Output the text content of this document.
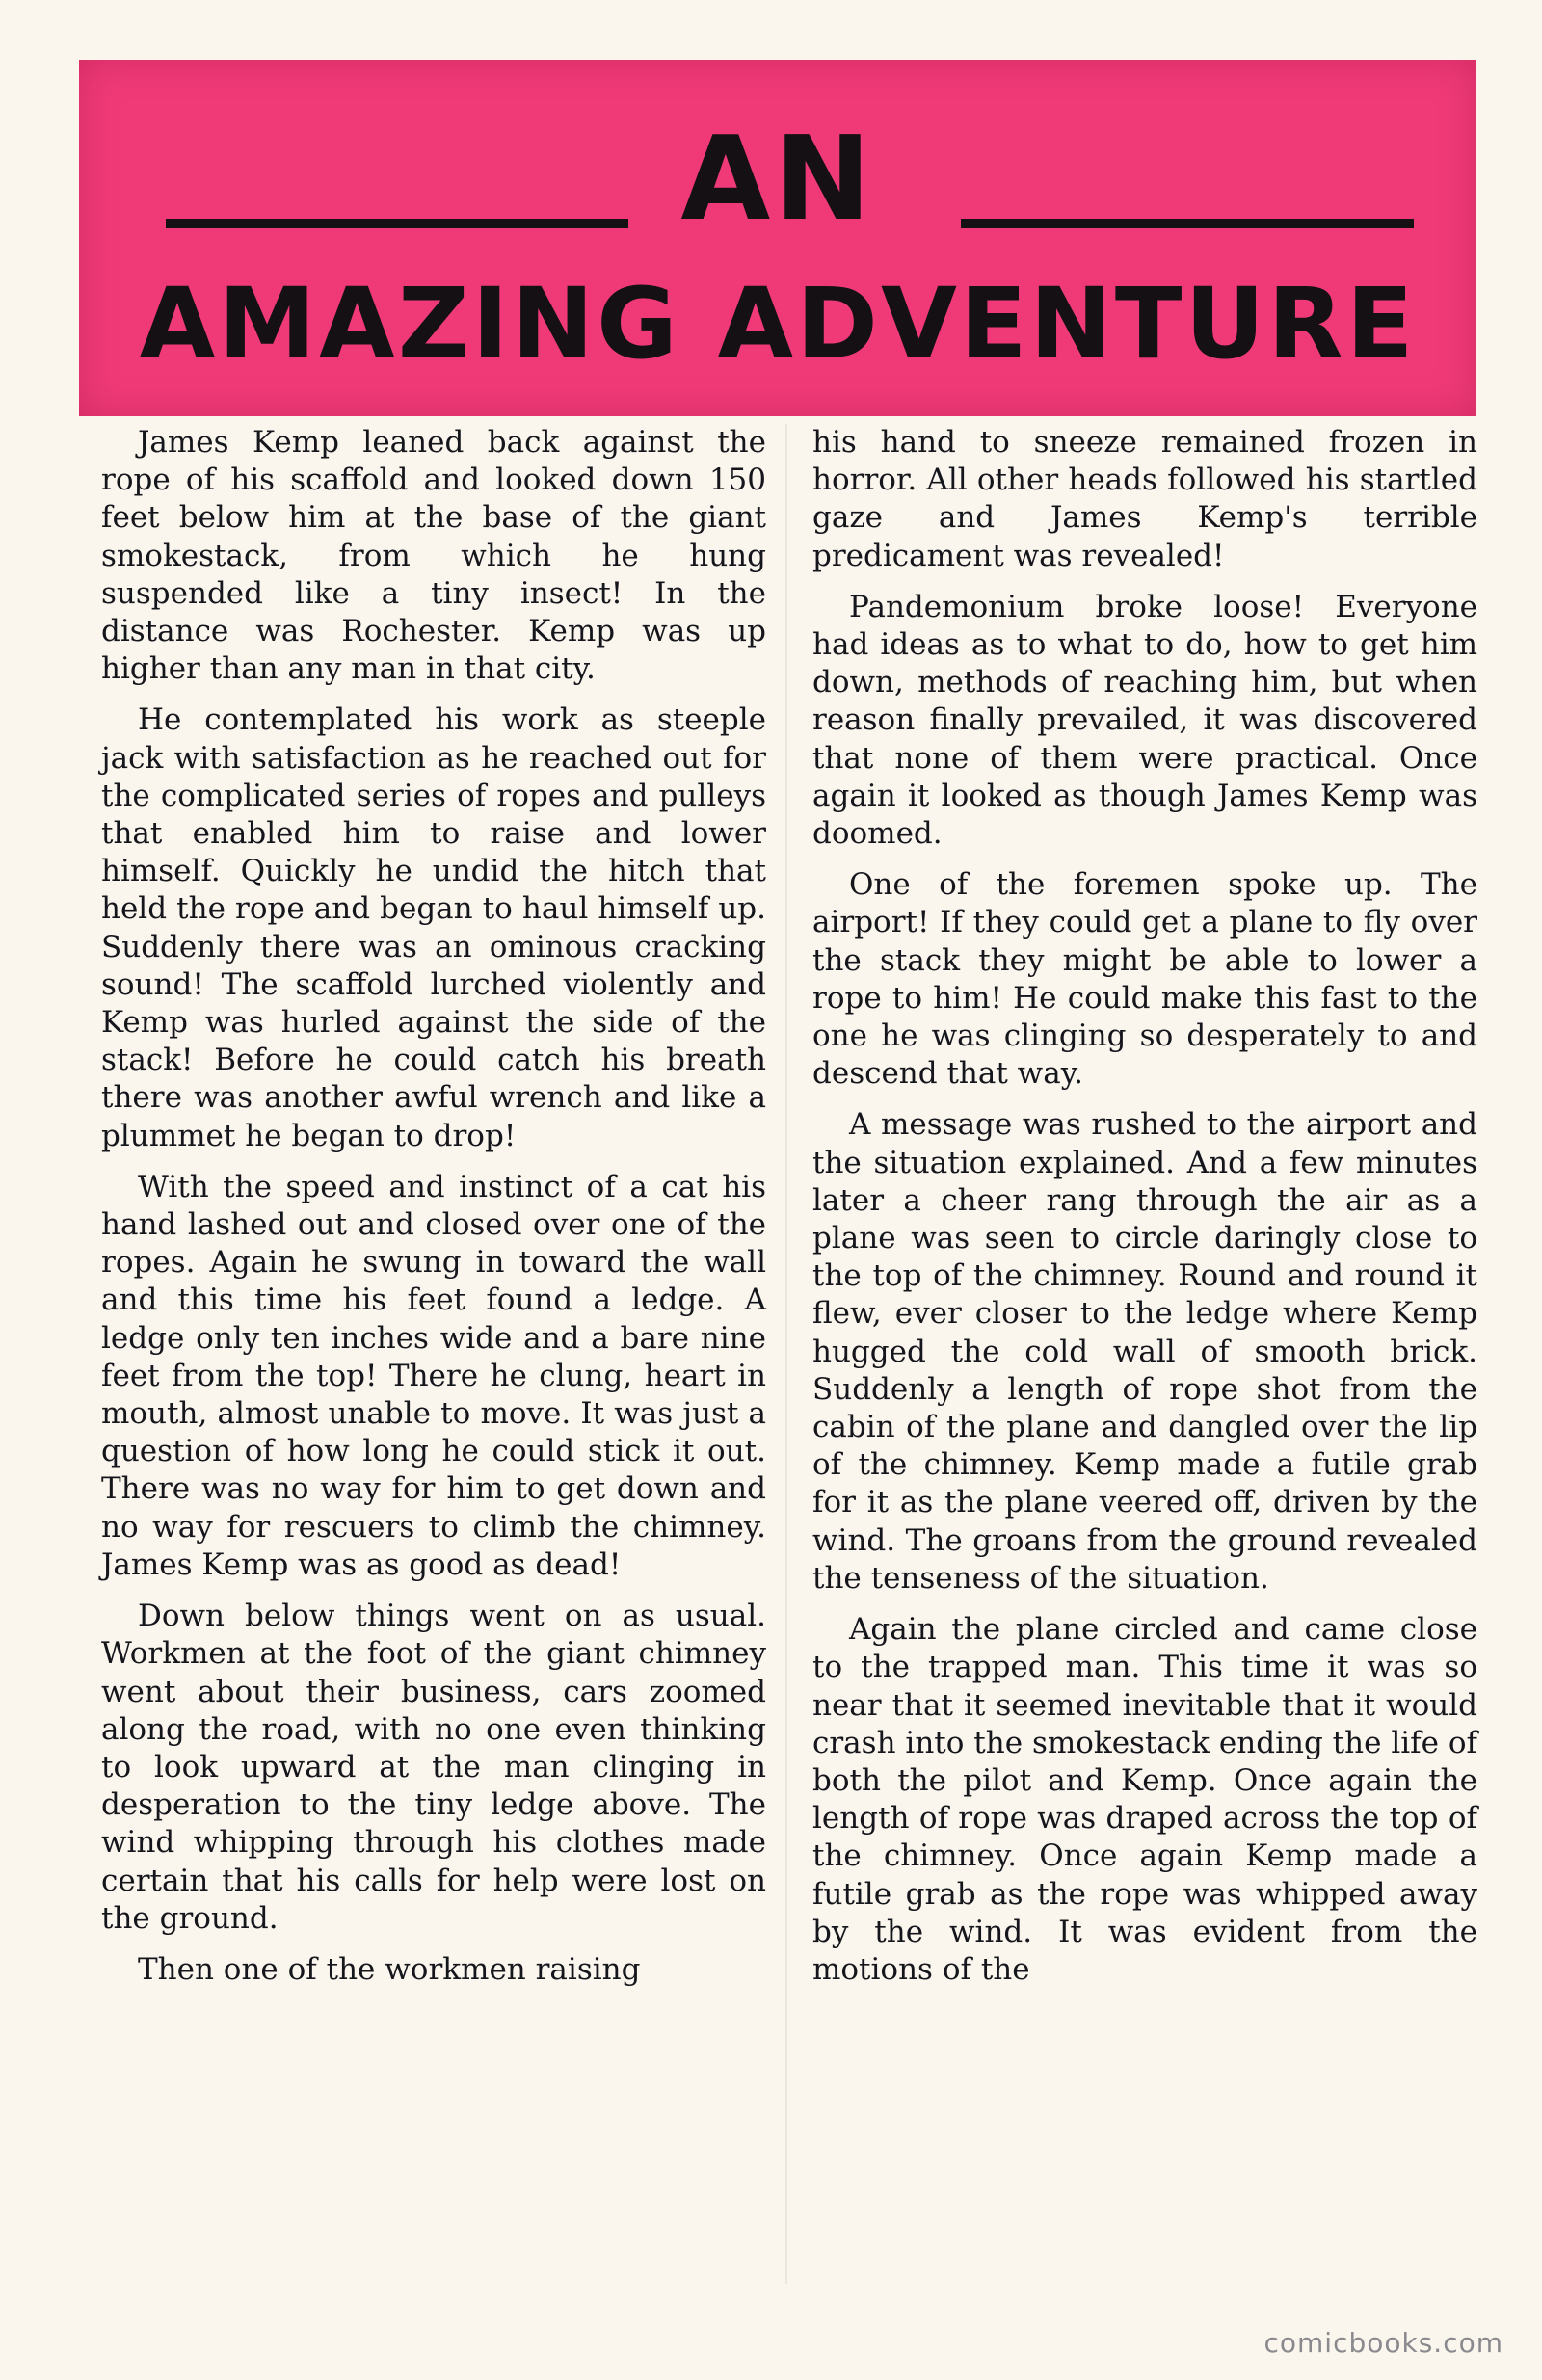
AN
AMAZING ADVENTURE

James Kemp leaned back against the rope of his scaffold and looked down 150 feet below him at the base of the giant smokestack, from which he hung suspended like a tiny insect! In the distance was Rochester. Kemp was up higher than any man in that city.

He contemplated his work as steeple jack with satisfaction as he reached out for the complicated series of ropes and pulleys that enabled him to raise and lower himself. Quickly he undid the hitch that held the rope and began to haul himself up. Suddenly there was an ominous cracking sound! The scaffold lurched violently and Kemp was hurled against the side of the stack! Before he could catch his breath there was another awful wrench and like a plummet he began to drop!

With the speed and instinct of a cat his hand lashed out and closed over one of the ropes. Again he swung in toward the wall and this time his feet found a ledge. A ledge only ten inches wide and a bare nine feet from the top! There he clung, heart in mouth, almost unable to move. It was just a question of how long he could stick it out. There was no way for him to get down and no way for rescuers to climb the chimney. James Kemp was as good as dead!

Down below things went on as usual. Workmen at the foot of the giant chimney went about their business, cars zoomed along the road, with no one even thinking to look upward at the man clinging in desperation to the tiny ledge above. The wind whipping through his clothes made certain that his calls for help were lost on the ground.

Then one of the workmen raising

his hand to sneeze remained frozen in horror. All other heads followed his startled gaze and James Kemp's terrible predicament was revealed!

Pandemonium broke loose! Everyone had ideas as to what to do, how to get him down, methods of reaching him, but when reason finally prevailed, it was discovered that none of them were practical. Once again it looked as though James Kemp was doomed.

One of the foremen spoke up. The airport! If they could get a plane to fly over the stack they might be able to lower a rope to him! He could make this fast to the one he was clinging so desperately to and descend that way.

A message was rushed to the airport and the situation explained. And a few minutes later a cheer rang through the air as a plane was seen to circle daringly close to the top of the chimney. Round and round it flew, ever closer to the ledge where Kemp hugged the cold wall of smooth brick. Suddenly a length of rope shot from the cabin of the plane and dangled over the lip of the chimney. Kemp made a futile grab for it as the plane veered off, driven by the wind. The groans from the ground revealed the tenseness of the situation.

Again the plane circled and came close to the trapped man. This time it was so near that it seemed inevitable that it would crash into the smokestack ending the life of both the pilot and Kemp. Once again the length of rope was draped across the top of the chimney. Once again Kemp made a futile grab as the rope was whipped away by the wind. It was evident from the motions of the

comicbooks.com
